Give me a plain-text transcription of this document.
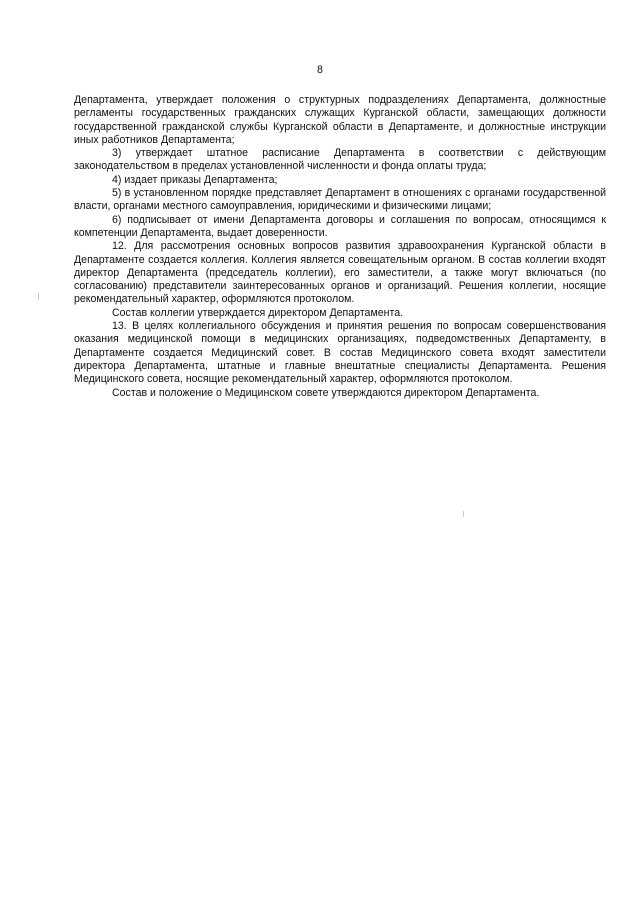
8

Департамента, утверждает положения о структурных подразделениях Департамента, должностные регламенты государственных гражданских служащих Курганской области, замещающих должности государственной гражданской службы Курганской области в Департаменте, и должностные инструкции иных работников Департамента;

3) утверждает штатное расписание Департамента в соответствии с действующим законодательством в пределах установленной численности и фонда оплаты труда;

4) издает приказы Департамента;

5) в установленном порядке представляет Департамент в отношениях с органами государственной власти, органами местного самоуправления, юридическими и физическими лицами;

6) подписывает от имени Департамента договоры и соглашения по вопросам, относящимся к компетенции Департамента, выдает доверенности.

12. Для рассмотрения основных вопросов развития здравоохранения Курганской области в Департаменте создается коллегия. Коллегия является совещательным органом. В состав коллегии входят директор Департамента (председатель коллегии), его заместители, а также могут включаться (по согласованию) представители заинтересованных органов и организаций. Решения коллегии, носящие рекомендательный характер, оформляются протоколом.

Состав коллегии утверждается директором Департамента.

13. В целях коллегиального обсуждения и принятия решения по вопросам совершенствования оказания медицинской помощи в медицинских организациях, подведомственных Департаменту, в Департаменте создается Медицинский совет. В состав Медицинского совета входят заместители директора Департамента, штатные и главные внештатные специалисты Департамента. Решения Медицинского совета, носящие рекомендательный характер, оформляются протоколом.

Состав и положение о Медицинском совете утверждаются директором Департамента.
